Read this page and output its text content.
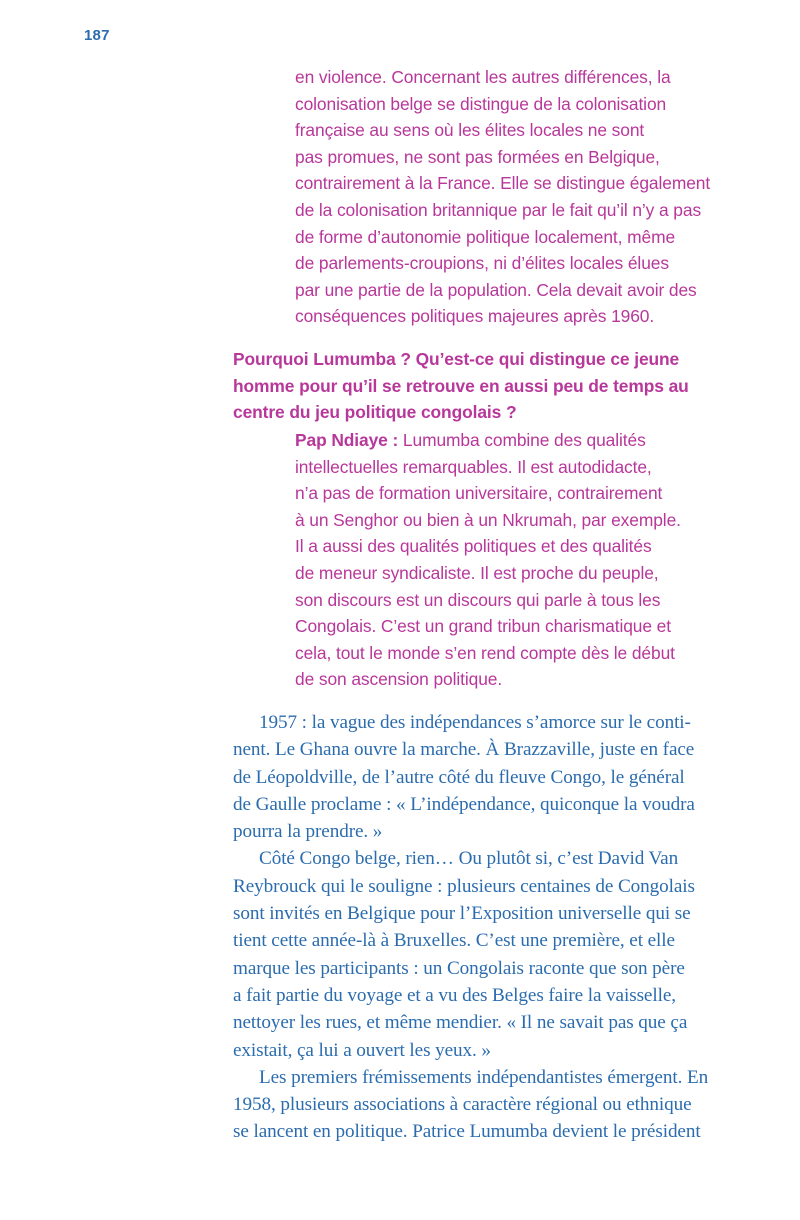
187
en violence. Concernant les autres différences, la
colonisation belge se distingue de la colonisation
française au sens où les élites locales ne sont
pas promues, ne sont pas formées en Belgique,
contrairement à la France. Elle se distingue également
de la colonisation britannique par le fait qu’il n’y a pas
de forme d’autonomie politique localement, même
de parlements-croupions, ni d’élites locales élues
par une partie de la population. Cela devait avoir des
conséquences politiques majeures après 1960.
Pourquoi Lumumba ? Qu’est-ce qui distingue ce jeune
homme pour qu’il se retrouve en aussi peu de temps au
centre du jeu politique congolais ?
Pap Ndiaye : Lumumba combine des qualités
intellectuelles remarquables. Il est autodidacte,
n’a pas de formation universitaire, contrairement
à un Senghor ou bien à un Nkrumah, par exemple.
Il a aussi des qualités politiques et des qualités
de meneur syndicaliste. Il est proche du peuple,
son discours est un discours qui parle à tous les
Congolais. C’est un grand tribun charismatique et
cela, tout le monde s’en rend compte dès le début
de son ascension politique.
1957 : la vague des indépendances s’amorce sur le conti-
nent. Le Ghana ouvre la marche. À Brazzaville, juste en face
de Léopoldville, de l’autre côté du fleuve Congo, le général
de Gaulle proclame : « L’indépendance, quiconque la voudra
pourra la prendre. »
Côté Congo belge, rien… Ou plutôt si, c’est David Van
Reybrouck qui le souligne : plusieurs centaines de Congolais
sont invités en Belgique pour l’Exposition universelle qui se
tient cette année-là à Bruxelles. C’est une première, et elle
marque les participants : un Congolais raconte que son père
a fait partie du voyage et a vu des Belges faire la vaisselle,
nettoyer les rues, et même mendier. « Il ne savait pas que ça
existait, ça lui a ouvert les yeux. »
Les premiers frémissements indépendantistes émergent. En
1958, plusieurs associations à caractère régional ou ethnique
se lancent en politique. Patrice Lumumba devient le président
